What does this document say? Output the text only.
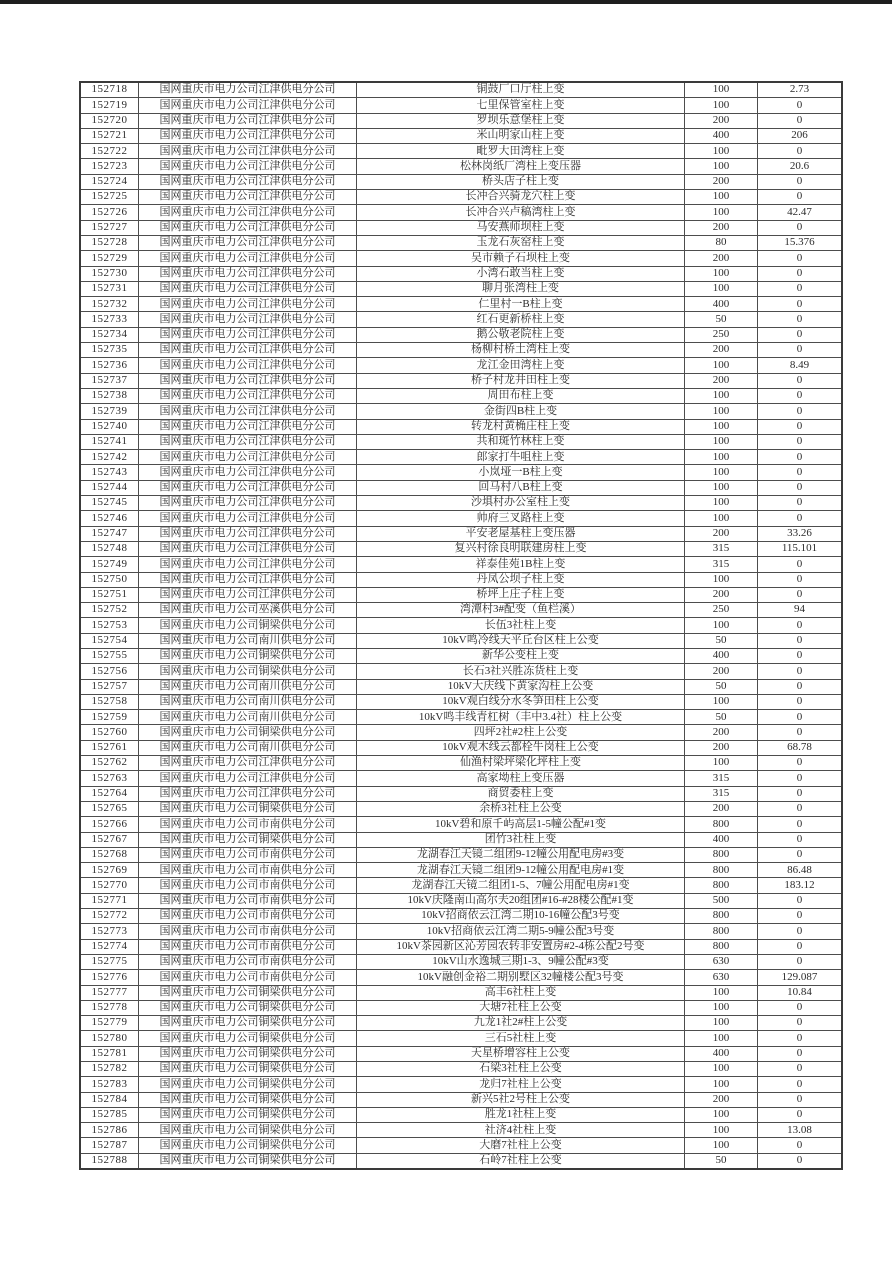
152718	国网重庆市电力公司江津供电分公司	铜鼓厂口厅柱上变	100	2.73
152719	国网重庆市电力公司江津供电分公司	七里保管室柱上变	100	0
152720	国网重庆市电力公司江津供电分公司	罗坝乐意堡柱上变	200	0
152721	国网重庆市电力公司江津供电分公司	米山明家山柱上变	400	206
152722	国网重庆市电力公司江津供电分公司	毗罗大田湾柱上变	100	0
152723	国网重庆市电力公司江津供电分公司	松林岗纸厂湾柱上变压器	100	20.6
152724	国网重庆市电力公司江津供电分公司	桥头店子柱上变	200	0
152725	国网重庆市电力公司江津供电分公司	长冲合兴骑龙穴柱上变	100	0
152726	国网重庆市电力公司江津供电分公司	长冲合兴卢稿湾柱上变	100	42.47
152727	国网重庆市电力公司江津供电分公司	马安燕师坝柱上变	200	0
152728	国网重庆市电力公司江津供电分公司	玉龙石灰窑柱上变	80	15.376
152729	国网重庆市电力公司江津供电分公司	吴市赖子石坝柱上变	200	0
152730	国网重庆市电力公司江津供电分公司	小湾石敢当柱上变	100	0
152731	国网重庆市电力公司江津供电分公司	聊月张湾柱上变	100	0
152732	国网重庆市电力公司江津供电分公司	仁里村一B柱上变	400	0
152733	国网重庆市电力公司江津供电分公司	红石更新桥柱上变	50	0
152734	国网重庆市电力公司江津供电分公司	鹅公敬老院柱上变	250	0
152735	国网重庆市电力公司江津供电分公司	杨柳村桥土湾柱上变	200	0
152736	国网重庆市电力公司江津供电分公司	龙江金田湾柱上变	100	8.49
152737	国网重庆市电力公司江津供电分公司	桥子村龙井田柱上变	200	0
152738	国网重庆市电力公司江津供电分公司	周田布柱上变	100	0
152739	国网重庆市电力公司江津供电分公司	金街四B柱上变	100	0
152740	国网重庆市电力公司江津供电分公司	转龙村黄桷庄柱上变	100	0
152741	国网重庆市电力公司江津供电分公司	共和斑竹林柱上变	100	0
152742	国网重庆市电力公司江津供电分公司	郎家打牛咀柱上变	100	0
152743	国网重庆市电力公司江津供电分公司	小岚垭一B柱上变	100	0
152744	国网重庆市电力公司江津供电分公司	回马村八B柱上变	100	0
152745	国网重庆市电力公司江津供电分公司	沙埧村办公室柱上变	100	0
152746	国网重庆市电力公司江津供电分公司	帅府三叉路柱上变	100	0
152747	国网重庆市电力公司江津供电分公司	平安老屋基柱上变压器	200	33.26
152748	国网重庆市电力公司江津供电分公司	复兴村徐良明联建房柱上变	315	115.101
152749	国网重庆市电力公司江津供电分公司	祥泰佳苑1B柱上变	315	0
152750	国网重庆市电力公司江津供电分公司	丹凤公坝子柱上变	100	0
152751	国网重庆市电力公司江津供电分公司	桥坪上庄子柱上变	200	0
152752	国网重庆市电力公司巫溪供电分公司	湾潭村3#配变（鱼栏溪）	250	94
152753	国网重庆市电力公司铜梁供电分公司	长伍3社柱上变	100	0
152754	国网重庆市电力公司南川供电分公司	10kV鸣冷线天平丘台区柱上公变	50	0
152755	国网重庆市电力公司铜梁供电分公司	新华公变柱上变	400	0
152756	国网重庆市电力公司铜梁供电分公司	长石3社兴胜冻货柱上变	200	0
152757	国网重庆市电力公司南川供电分公司	10kV大庆线下黄家沟柱上公变	50	0
152758	国网重庆市电力公司南川供电分公司	10kV观白线分水冬笋田柱上公变	100	0
152759	国网重庆市电力公司南川供电分公司	10kV鸣丰线青杠树（丰中3.4社）柱上公变	50	0
152760	国网重庆市电力公司铜梁供电分公司	四坪2社#2柱上公变	200	0
152761	国网重庆市电力公司南川供电分公司	10kV观木线云都栓牛岗柱上公变	200	68.78
152762	国网重庆市电力公司江津供电分公司	仙渔村梁坪梁化坪柱上变	100	0
152763	国网重庆市电力公司江津供电分公司	高家坳柱上变压器	315	0
152764	国网重庆市电力公司江津供电分公司	商贸委柱上变	315	0
152765	国网重庆市电力公司铜梁供电分公司	余桥3社柱上公变	200	0
152766	国网重庆市电力公司市南供电分公司	10kV碧和原千屿高层1-5幢公配#1变	800	0
152767	国网重庆市电力公司铜梁供电分公司	团竹3社柱上变	400	0
152768	国网重庆市电力公司市南供电分公司	龙湖春江天镜二组团9-12幢公用配电房#3变	800	0
152769	国网重庆市电力公司市南供电分公司	龙湖春江天镜二组团9-12幢公用配电房#1变	800	86.48
152770	国网重庆市电力公司市南供电分公司	龙湖春江天镜二组团1-5、7幢公用配电房#1变	800	183.12
152771	国网重庆市电力公司市南供电分公司	10kV庆隆南山高尔夫20组团#16-#28楼公配#1变	500	0
152772	国网重庆市电力公司市南供电分公司	10kV招商依云江湾二期10-16幢公配3号变	800	0
152773	国网重庆市电力公司市南供电分公司	10kV招商依云江湾二期5-9幢公配3号变	800	0
152774	国网重庆市电力公司市南供电分公司	10kV茶园新区沁芳园农转非安置房#2-4栋公配2号变	800	0
152775	国网重庆市电力公司市南供电分公司	10kV山水逸城三期1-3、9幢公配#3变	630	0
152776	国网重庆市电力公司市南供电分公司	10kV融创金裕二期别墅区32幢楼公配3号变	630	129.087
152777	国网重庆市电力公司铜梁供电分公司	高丰6社柱上变	100	10.84
152778	国网重庆市电力公司铜梁供电分公司	大塘7社柱上公变	100	0
152779	国网重庆市电力公司铜梁供电分公司	九龙1社2#柱上公变	100	0
152780	国网重庆市电力公司铜梁供电分公司	三石5社柱上变	100	0
152781	国网重庆市电力公司铜梁供电分公司	天星桥增容柱上公变	400	0
152782	国网重庆市电力公司铜梁供电分公司	石梁3社柱上公变	100	0
152783	国网重庆市电力公司铜梁供电分公司	龙归7社柱上公变	100	0
152784	国网重庆市电力公司铜梁供电分公司	新兴5社2号柱上公变	200	0
152785	国网重庆市电力公司铜梁供电分公司	胜龙1社柱上变	100	0
152786	国网重庆市电力公司铜梁供电分公司	社济4社柱上变	100	13.08
152787	国网重庆市电力公司铜梁供电分公司	大磨7社柱上公变	100	0
152788	国网重庆市电力公司铜梁供电分公司	石岭7社柱上公变	50	0
